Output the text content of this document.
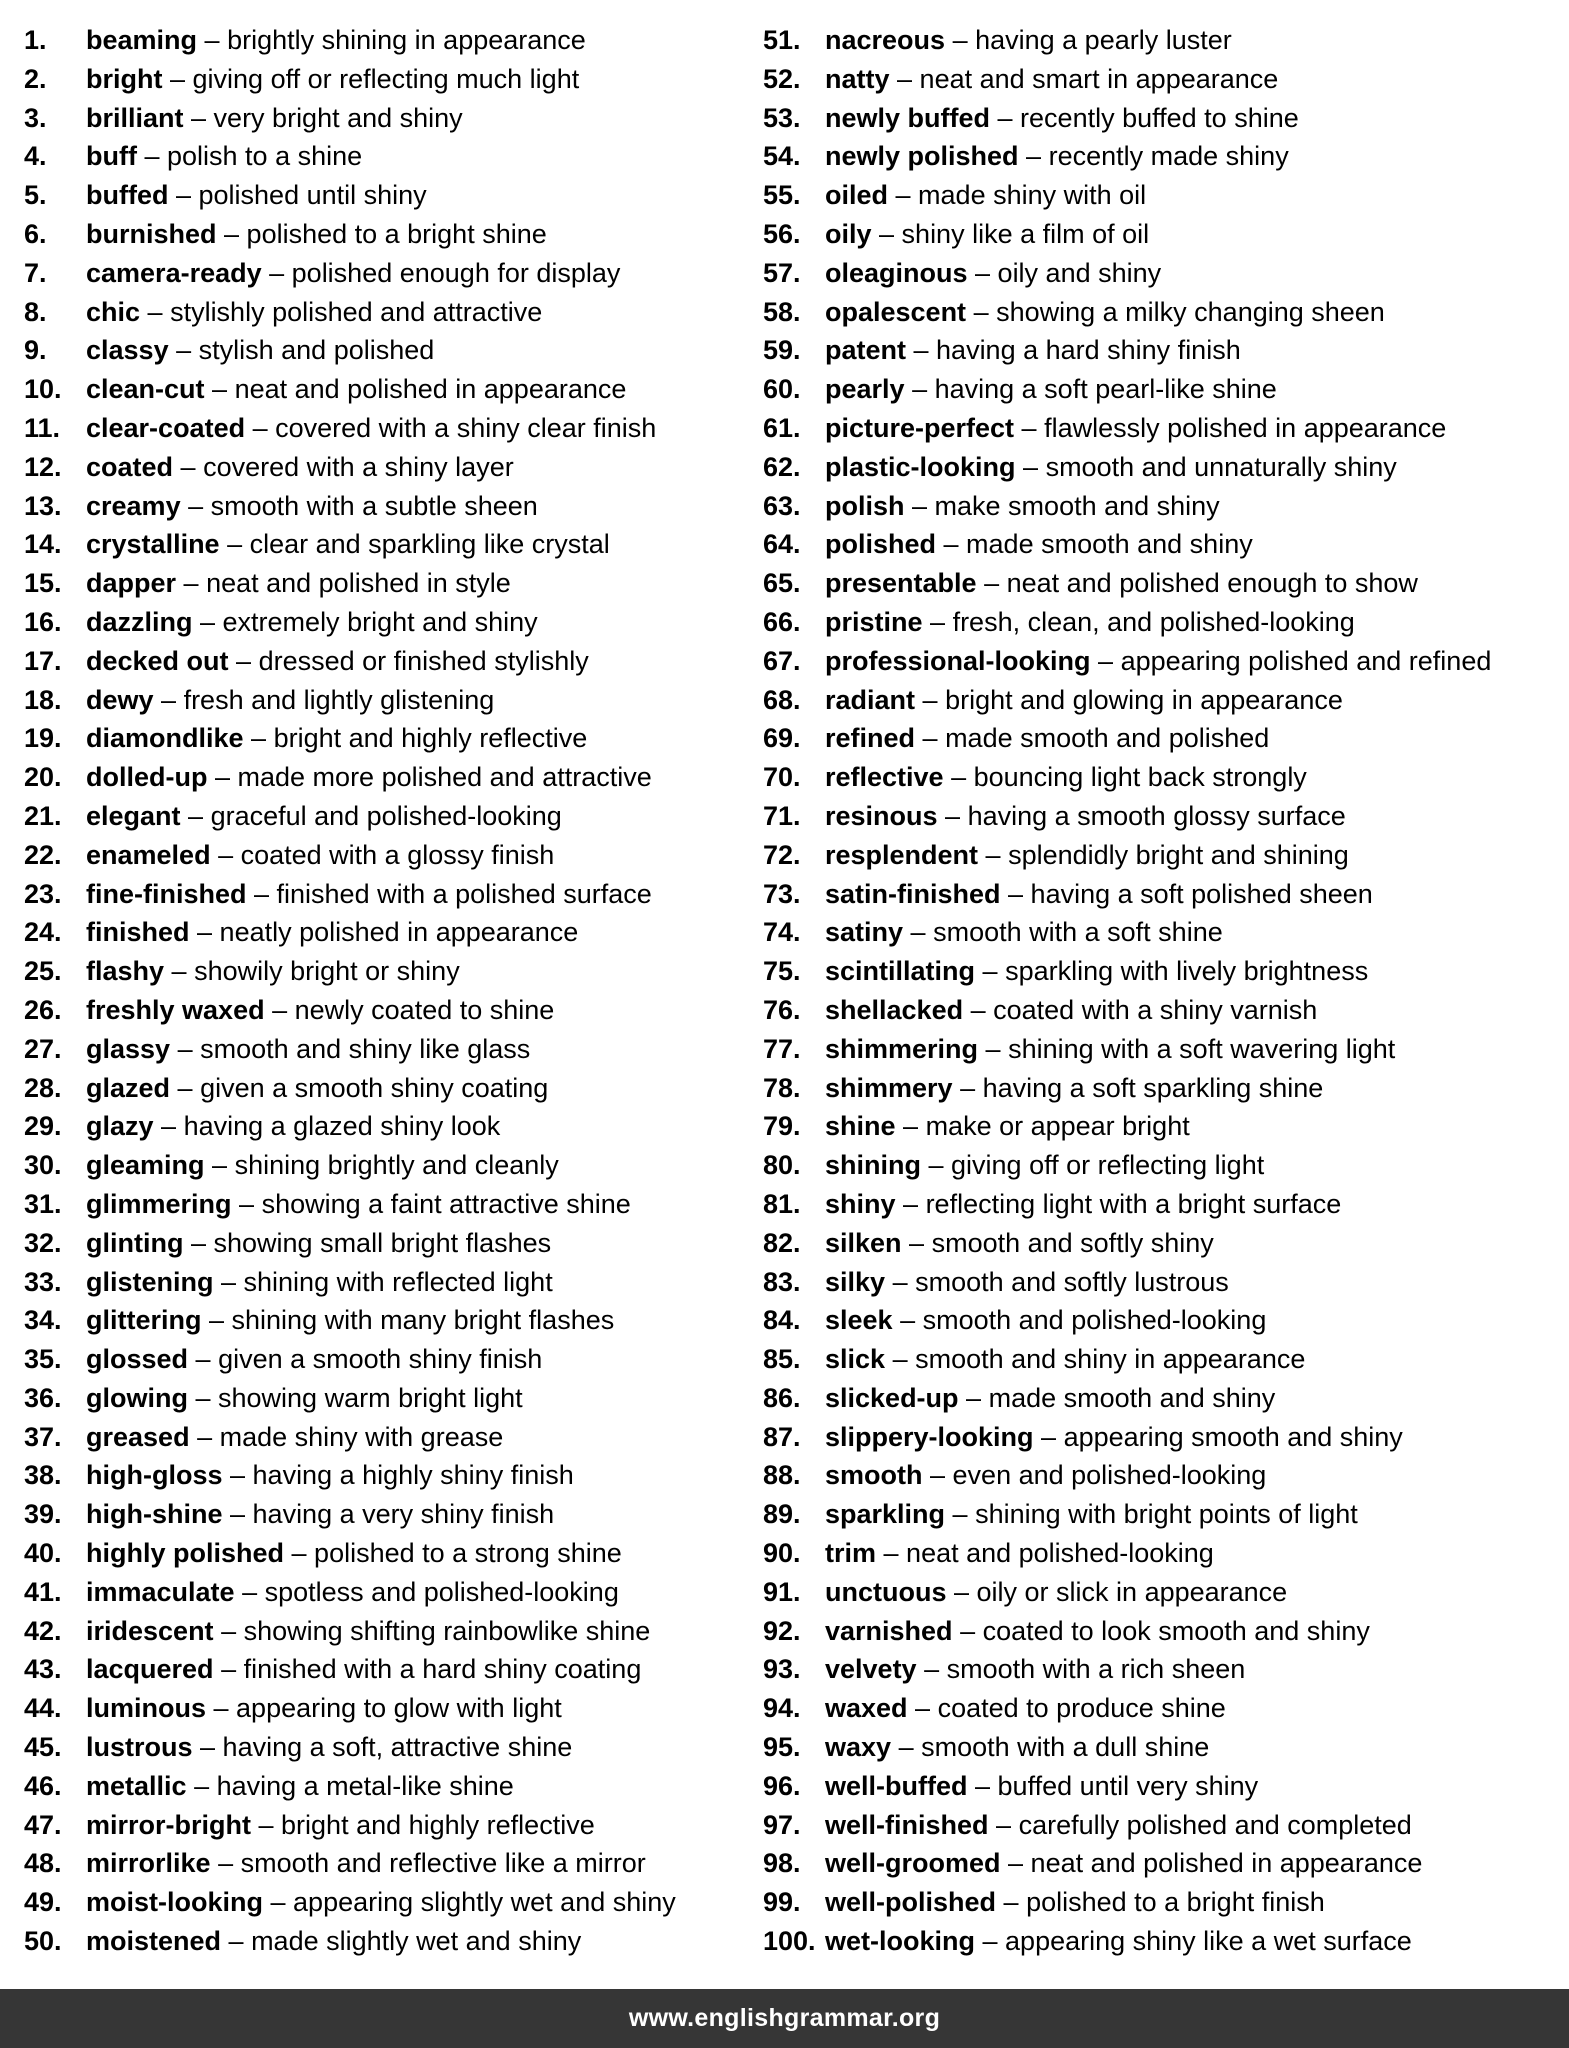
1.	beaming – brightly shining in appearance
2.	bright – giving off or reflecting much light
3.	brilliant – very bright and shiny
4.	buff – polish to a shine
5.	buffed – polished until shiny
6.	burnished – polished to a bright shine
7.	camera-ready – polished enough for display
8.	chic – stylishly polished and attractive
9.	classy – stylish and polished
10. clean-cut – neat and polished in appearance
11. clear-coated – covered with a shiny clear finish
12. coated – covered with a shiny layer
13. creamy – smooth with a subtle sheen
14. crystalline – clear and sparkling like crystal
15. dapper – neat and polished in style
16. dazzling – extremely bright and shiny
17. decked out – dressed or finished stylishly
18. dewy – fresh and lightly glistening
19. diamondlike – bright and highly reflective
20. dolled-up – made more polished and attractive
21. elegant – graceful and polished-looking
22. enameled – coated with a glossy finish
23. fine-finished – finished with a polished surface
24. finished – neatly polished in appearance
25. flashy – showily bright or shiny
26. freshly waxed – newly coated to shine
27. glassy – smooth and shiny like glass
28. glazed – given a smooth shiny coating
29. glazy – having a glazed shiny look
30. gleaming – shining brightly and cleanly
31. glimmering – showing a faint attractive shine
32. glinting – showing small bright flashes
33. glistening – shining with reflected light
34. glittering – shining with many bright flashes
35. glossed – given a smooth shiny finish
36. glowing – showing warm bright light
37. greased – made shiny with grease
38. high-gloss – having a highly shiny finish
39. high-shine – having a very shiny finish
40. highly polished – polished to a strong shine
41. immaculate – spotless and polished-looking
42. iridescent – showing shifting rainbowlike shine
43. lacquered – finished with a hard shiny coating
44. luminous – appearing to glow with light
45. lustrous – having a soft, attractive shine
46. metallic – having a metal-like shine
47. mirror-bright – bright and highly reflective
48. mirrorlike – smooth and reflective like a mirror
49. moist-looking – appearing slightly wet and shiny
50. moistened – made slightly wet and shiny
51. nacreous – having a pearly luster
52. natty – neat and smart in appearance
53. newly buffed – recently buffed to shine
54. newly polished – recently made shiny
55. oiled – made shiny with oil
56. oily – shiny like a film of oil
57. oleaginous – oily and shiny
58. opalescent – showing a milky changing sheen
59. patent – having a hard shiny finish
60. pearly – having a soft pearl-like shine
61. picture-perfect – flawlessly polished in appearance
62. plastic-looking – smooth and unnaturally shiny
63. polish – make smooth and shiny
64. polished – made smooth and shiny
65. presentable – neat and polished enough to show
66. pristine – fresh, clean, and polished-looking
67. professional-looking – appearing polished and refined
68. radiant – bright and glowing in appearance
69. refined – made smooth and polished
70. reflective – bouncing light back strongly
71. resinous – having a smooth glossy surface
72. resplendent – splendidly bright and shining
73. satin-finished – having a soft polished sheen
74. satiny – smooth with a soft shine
75. scintillating – sparkling with lively brightness
76. shellacked – coated with a shiny varnish
77. shimmering – shining with a soft wavering light
78. shimmery – having a soft sparkling shine
79. shine – make or appear bright
80. shining – giving off or reflecting light
81. shiny – reflecting light with a bright surface
82. silken – smooth and softly shiny
83. silky – smooth and softly lustrous
84. sleek – smooth and polished-looking
85. slick – smooth and shiny in appearance
86. slicked-up – made smooth and shiny
87. slippery-looking – appearing smooth and shiny
88. smooth – even and polished-looking
89. sparkling – shining with bright points of light
90. trim – neat and polished-looking
91. unctuous – oily or slick in appearance
92. varnished – coated to look smooth and shiny
93. velvety – smooth with a rich sheen
94. waxed – coated to produce shine
95. waxy – smooth with a dull shine
96. well-buffed – buffed until very shiny
97. well-finished – carefully polished and completed
98. well-groomed – neat and polished in appearance
99. well-polished – polished to a bright finish
100. wet-looking – appearing shiny like a wet surface
www.englishgrammar.org
